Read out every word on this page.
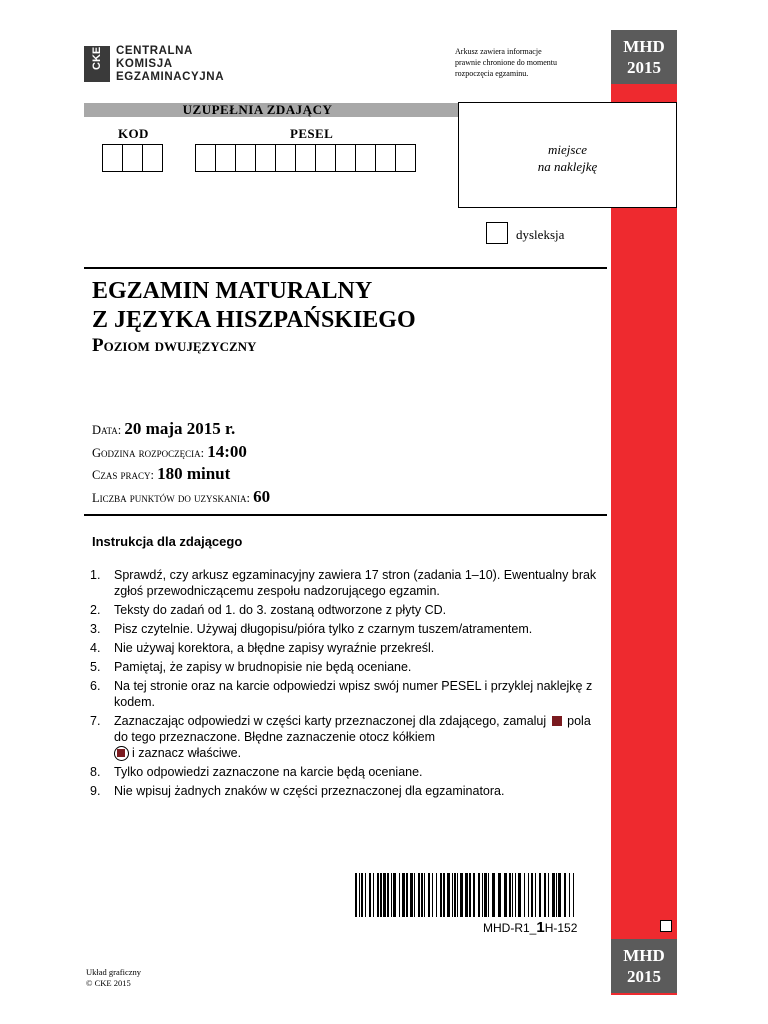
CKE CENTRALNA
KOMISJA
EGZAMINACYJNA
Arkusz zawiera informacje
prawnie chronione do momentu
rozpoczęcia egzaminu.
MHD
2015
MHD
2015
UZUPEŁNIA ZDAJĄCY
KOD	PESEL
miejsce
na naklejkę
dysleksja
EGZAMIN MATURALNY
Z JĘZYKA HISZPAŃSKIEGO
Poziom dwujęzyczny
Data: 20 maja 2015 r.
Godzina rozpoczęcia: 14:00
Czas pracy: 180 minut
Liczba punktów do uzyskania: 60
Instrukcja dla zdającego
1. Sprawdź, czy arkusz egzaminacyjny zawiera 17 stron (zadania 1–10). Ewentualny brak zgłoś przewodniczącemu zespołu nadzorującego egzamin.
2. Teksty do zadań od 1. do 3. zostaną odtworzone z płyty CD.
3. Pisz czytelnie. Używaj długopisu/pióra tylko z czarnym tuszem/atramentem.
4. Nie używaj korektora, a błędne zapisy wyraźnie przekreśl.
5. Pamiętaj, że zapisy w brudnopisie nie będą oceniane.
6. Na tej stronie oraz na karcie odpowiedzi wpisz swój numer PESEL i przyklej naklejkę z kodem.
7. Zaznaczając odpowiedzi w części karty przeznaczonej dla zdającego, zamaluj pola do tego przeznaczone. Błędne zaznaczenie otocz kółkiem
i zaznacz właściwe.
8. Tylko odpowiedzi zaznaczone na karcie będą oceniane.
9. Nie wpisuj żadnych znaków w części przeznaczonej dla egzaminatora.
MHD-R1_1H-152
Układ graficzny
© CKE 2015
